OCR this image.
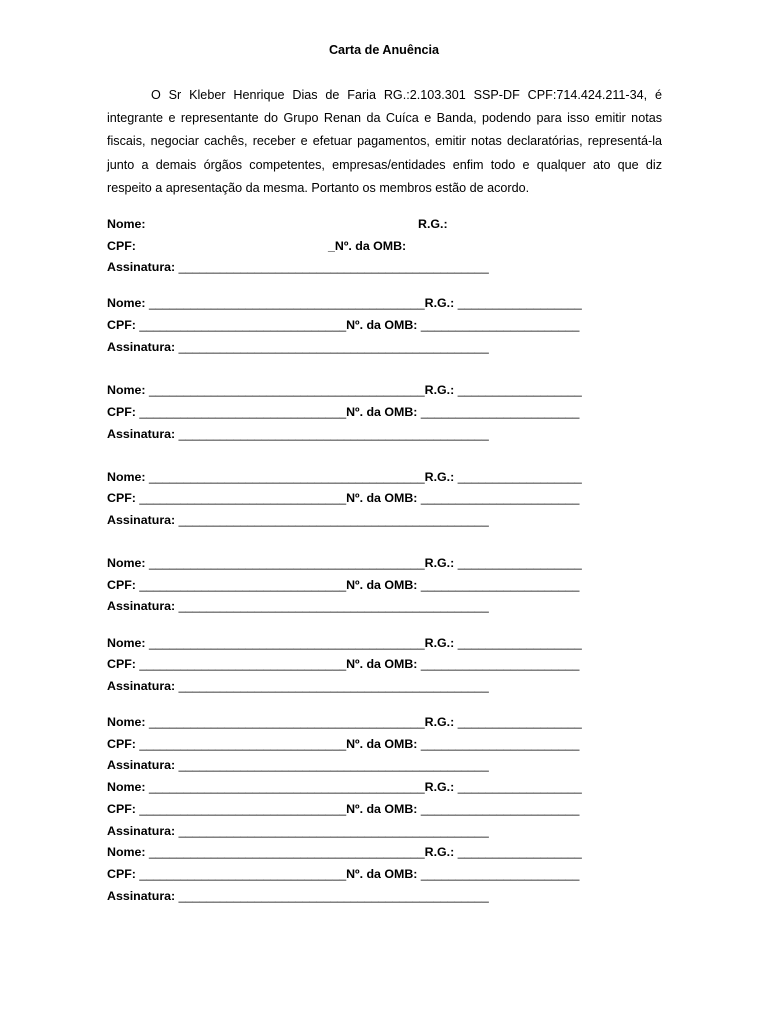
Carta de Anuência
O Sr Kleber Henrique Dias de Faria RG.:2.103.301 SSP-DF CPF:714.424.211-34, é integrante e representante do Grupo Renan da Cuíca e Banda, podendo para isso emitir notas fiscais, negociar cachês, receber e efetuar pagamentos, emitir notas declaratórias, representá-la junto a demais órgãos competentes, empresas/entidades enfim todo e qualquer ato que diz respeito a apresentação da mesma. Portanto os membros estão de acordo.
Nome:	R.G.:
CPF:	_Nº. da OMB:
Assinatura: _____________________________________________
Nome: ________________________________________R.G.: __________________
CPF: ______________________________Nº. da OMB: _______________________
Assinatura: _____________________________________________
Nome: ________________________________________R.G.: __________________
CPF: ______________________________Nº. da OMB: _______________________
Assinatura: _____________________________________________
Nome: ________________________________________R.G.: __________________
CPF: ______________________________Nº. da OMB: _______________________
Assinatura: _____________________________________________
Nome: ________________________________________R.G.: __________________
CPF: ______________________________Nº. da OMB: _______________________
Assinatura: _____________________________________________
Nome: ________________________________________R.G.: __________________
CPF: ______________________________Nº. da OMB: _______________________
Assinatura: _____________________________________________
Nome: ________________________________________R.G.: __________________
CPF: ______________________________Nº. da OMB: _______________________
Assinatura: _____________________________________________
Nome: ________________________________________R.G.: __________________
CPF: ______________________________Nº. da OMB: _______________________
Assinatura: _____________________________________________
Nome: ________________________________________R.G.: __________________
CPF: ______________________________Nº. da OMB: _______________________
Assinatura: _____________________________________________
